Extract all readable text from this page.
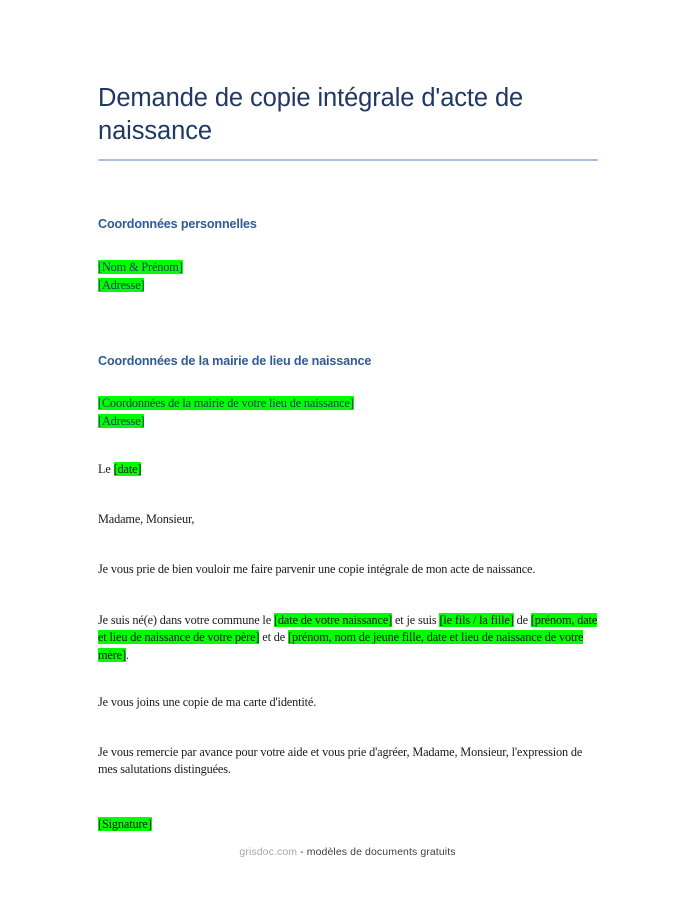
Demande de copie intégrale d'acte de naissance
Coordonnées personnelles
[Nom & Prénom]
[Adresse]
Coordonnées de la mairie de lieu de naissance
[Coordonnées de la mairie de votre lieu de naissance]
[Adresse]
Le [date]
Madame, Monsieur,
Je vous prie de bien vouloir me faire parvenir une copie intégrale de mon acte de naissance.
Je suis né(e) dans votre commune le [date de votre naissance] et je suis [le fils / la fille] de [prénom, date et lieu de naissance de votre père] et de [prénom, nom de jeune fille, date et lieu de naissance de votre mère].
Je vous joins une copie de ma carte d'identité.
Je vous remercie par avance pour votre aide et vous prie d'agréer, Madame, Monsieur, l'expression de mes salutations distinguées.
[Signature]
grisdoc.com - modèles de documents gratuits
